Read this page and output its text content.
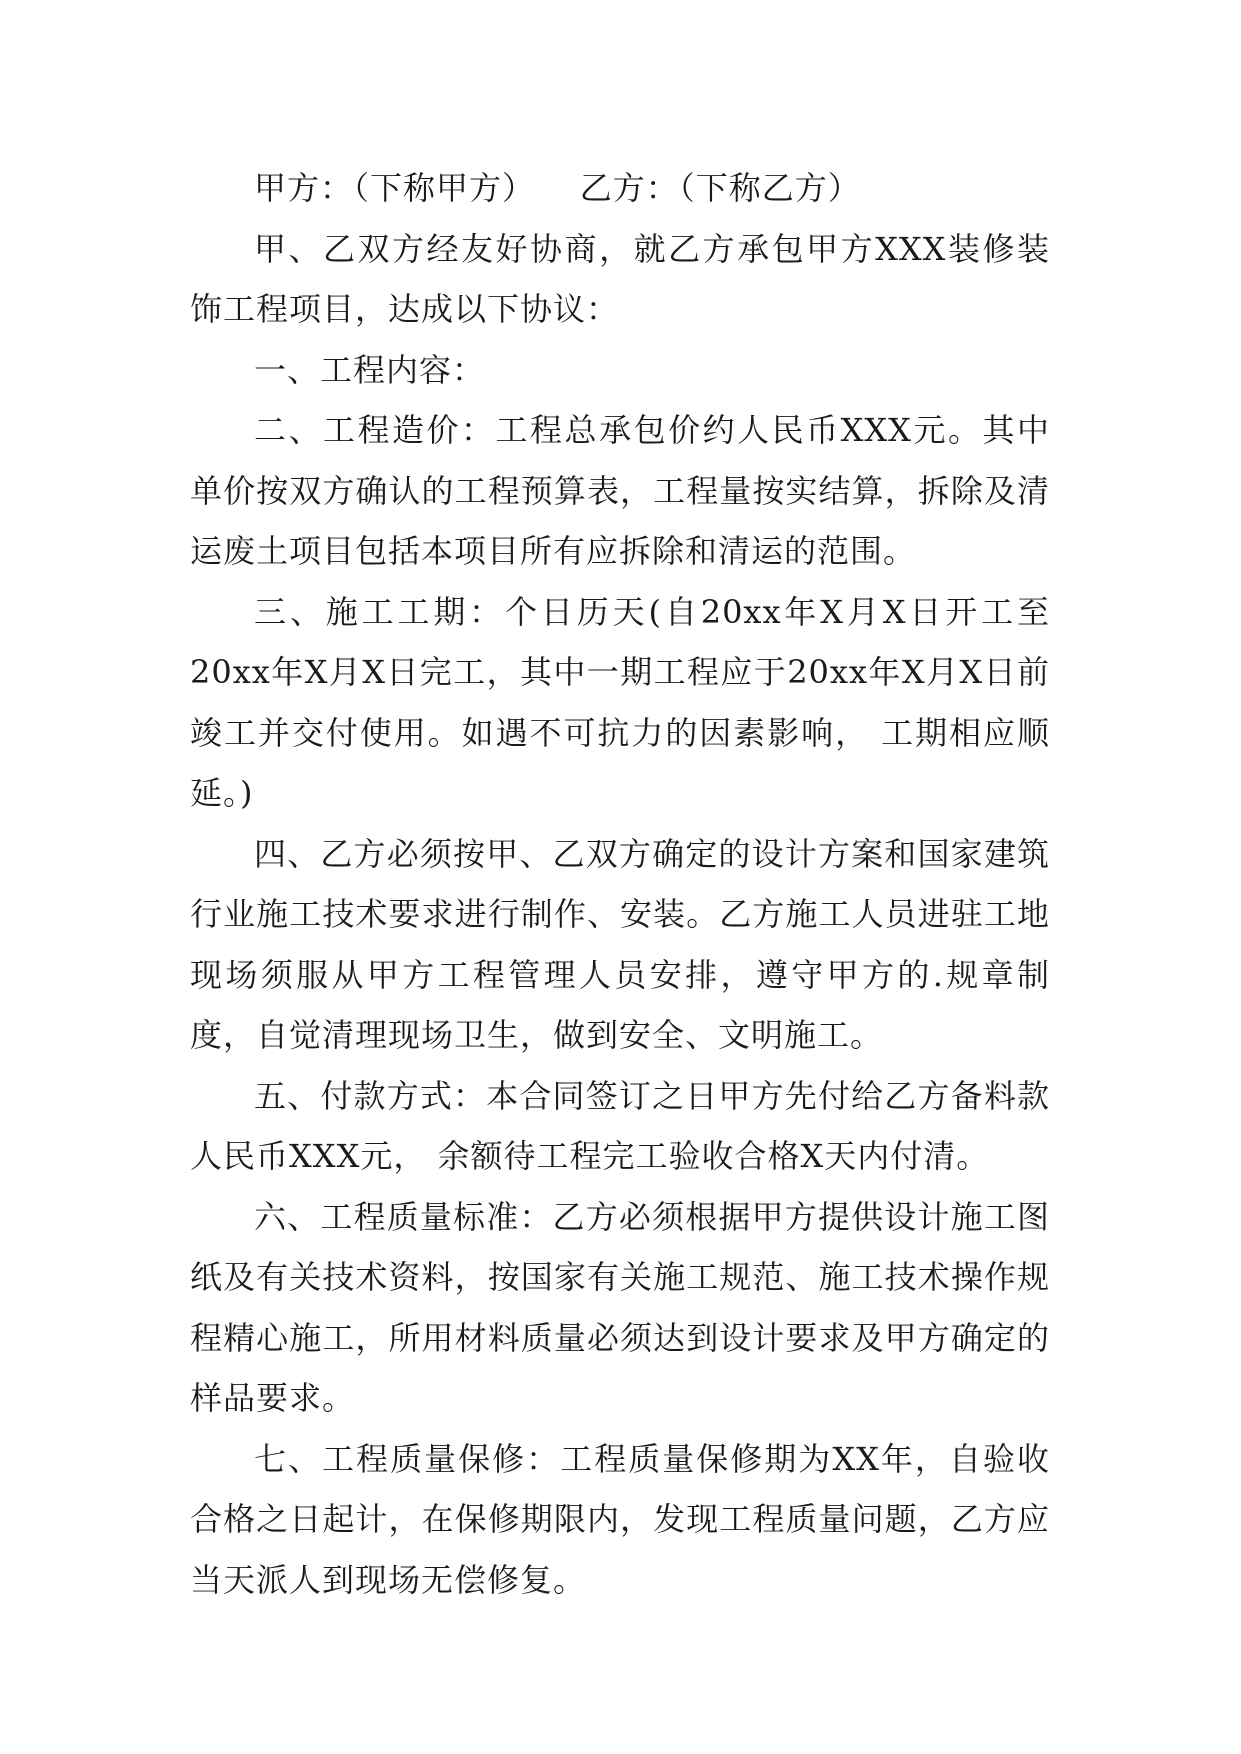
甲方：（下称甲方）    乙方：（下称乙方）

甲、乙双方经友好协商，就乙方承包甲方XXX装修装饰工程项目，达成以下协议：

一、工程内容：

二、工程造价：工程总承包价约人民币XXX元。其中单价按双方确认的工程预算表，工程量按实结算，拆除及清运废土项目包括本项目所有应拆除和清运的范围。

三、施工工期：个日历天(自20xx年X月X日开工至20xx年X月X日完工，其中一期工程应于20xx年X月X日前竣工并交付使用。如遇不可抗力的因素影响， 工期相应顺延。)

四、乙方必须按甲、乙双方确定的设计方案和国家建筑行业施工技术要求进行制作、安装。乙方施工人员进驻工地现场须服从甲方工程管理人员安排，遵守甲方的.规章制度，自觉清理现场卫生，做到安全、文明施工。

五、付款方式：本合同签订之日甲方先付给乙方备料款人民币XXX元， 余额待工程完工验收合格X天内付清。

六、工程质量标准：乙方必须根据甲方提供设计施工图纸及有关技术资料，按国家有关施工规范、施工技术操作规程精心施工，所用材料质量必须达到设计要求及甲方确定的样品要求。

七、工程质量保修：工程质量保修期为XX年，自验收合格之日起计，在保修期限内，发现工程质量问题，乙方应当天派人到现场无偿修复。
